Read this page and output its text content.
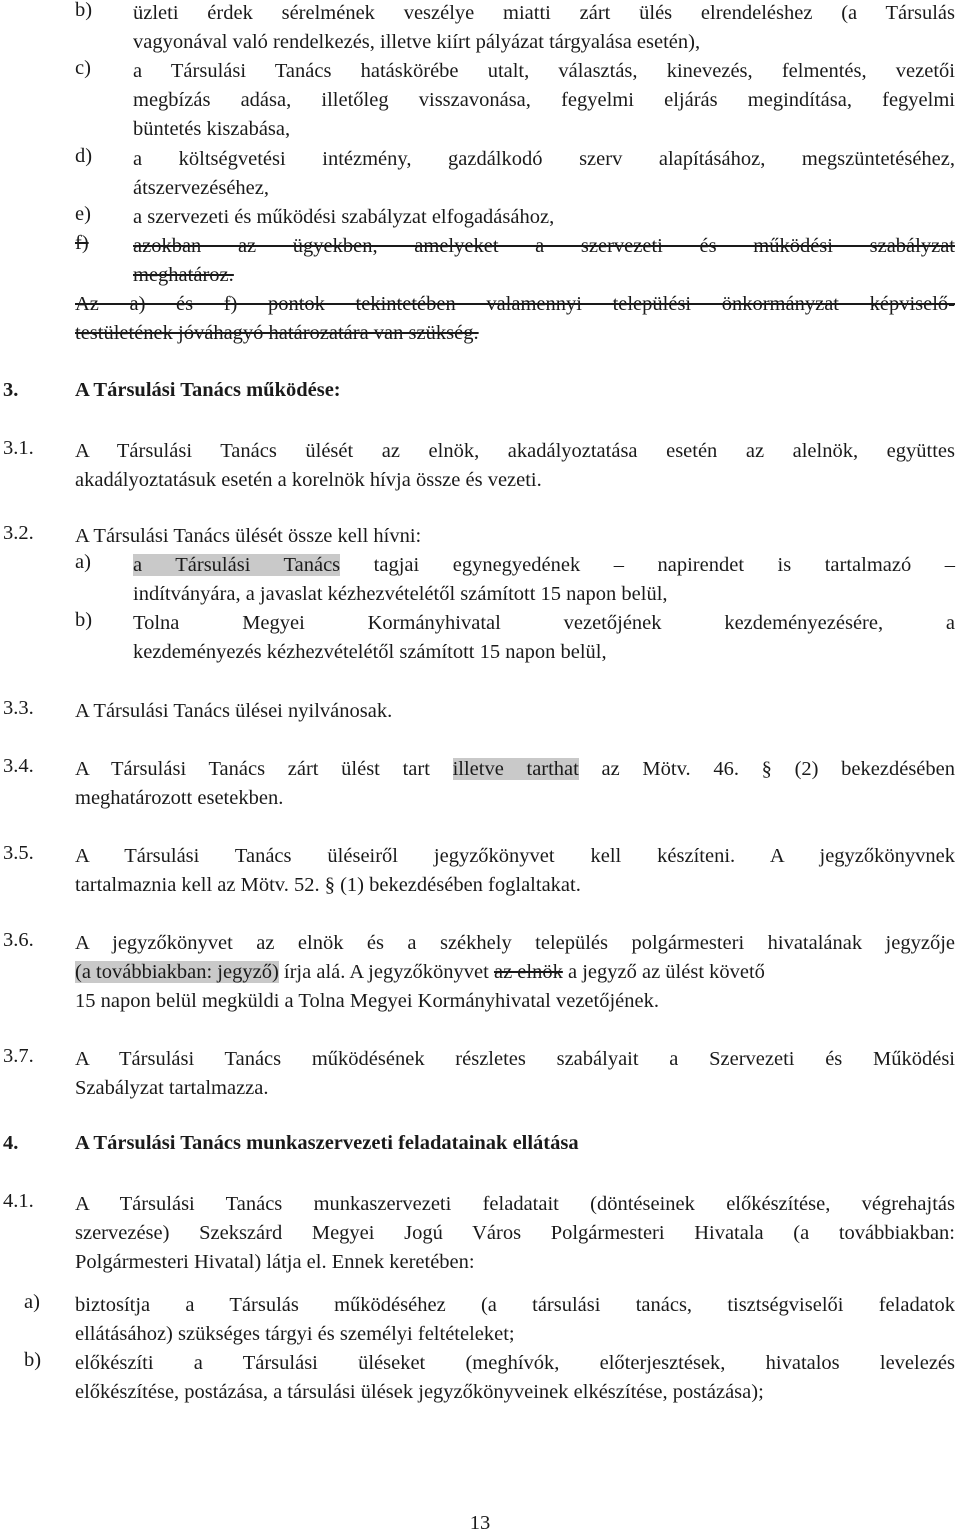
b) üzleti érdek sérelmének veszélye miatti zárt ülés elrendeléshez (a Társulás
vagyonával való rendelkezés, illetve kiírt pályázat tárgyalása esetén),
c) a Társulási Tanács hatáskörébe utalt, választás, kinevezés, felmentés, vezetői
megbízás adása, illetőleg visszavonása, fegyelmi eljárás megindítása, fegyelmi
büntetés kiszabása,
d) a költségvetési intézmény, gazdálkodó szerv alapításához, megszüntetéséhez,
átszervezéséhez,
e) a szervezeti és működési szabályzat elfogadásához,
f)	azokban az ügyekben, amelyeket a szervezeti és működési szabályzat
meghatároz.
Az a) és f) pontok tekintetében valamennyi települési önkormányzat képviselő-
testületének jóváhagyó határozatára van szükség.
3.	A Társulási Tanács működése:
3.1. A Társulási Tanács ülését az elnök, akadályoztatása esetén az alelnök, együttes
akadályoztatásuk esetén a korelnök hívja össze és vezeti.
3.2. A Társulási Tanács ülését össze kell hívni:
a) a Társulási Tanács tagjai egynegyedének – napirendet is tartalmazó –
indítványára, a javaslat kézhezvételétől számított 15 napon belül,
b) Tolna Megyei Kormányhivatal vezetőjének kezdeményezésére, a
kezdeményezés kézhezvételétől számított 15 napon belül,
3.3. A Társulási Tanács ülései nyilvánosak.
3.4. A Társulási Tanács zárt ülést tart illetve tarthat az Mötv. 46. § (2) bekezdésében
meghatározott esetekben.
3.5. A Társulási Tanács üléseiről jegyzőkönyvet kell készíteni. A jegyzőkönyvnek
tartalmaznia kell az Mötv. 52. § (1) bekezdésében foglaltakat.
3.6. A jegyzőkönyvet az elnök és a székhely település polgármesteri hivatalának jegyzője
(a továbbiakban: jegyző) írja alá. A jegyzőkönyvet az elnök a jegyző az ülést követő
15 napon belül megküldi a Tolna Megyei Kormányhivatal vezetőjének.
3.7. A Társulási Tanács működésének részletes szabályait a Szervezeti és Működési
Szabályzat tartalmazza.
4.	A Társulási Tanács munkaszervezeti feladatainak ellátása
4.1. A Társulási Tanács munkaszervezeti feladatait (döntéseinek előkészítése, végrehajtás
szervezése) Szekszárd Megyei Jogú Város Polgármesteri Hivatala (a továbbiakban:
Polgármesteri Hivatal) látja el. Ennek keretében:
a) biztosítja a Társulás működéséhez (a társulási tanács, tisztségviselői feladatok
ellátásához) szükséges tárgyi és személyi feltételeket;
b) előkészíti a Társulási üléseket (meghívók, előterjesztések, hivatalos levelezés
előkészítése, postázása, a társulási ülések jegyzőkönyveinek elkészítése, postázása);
13
